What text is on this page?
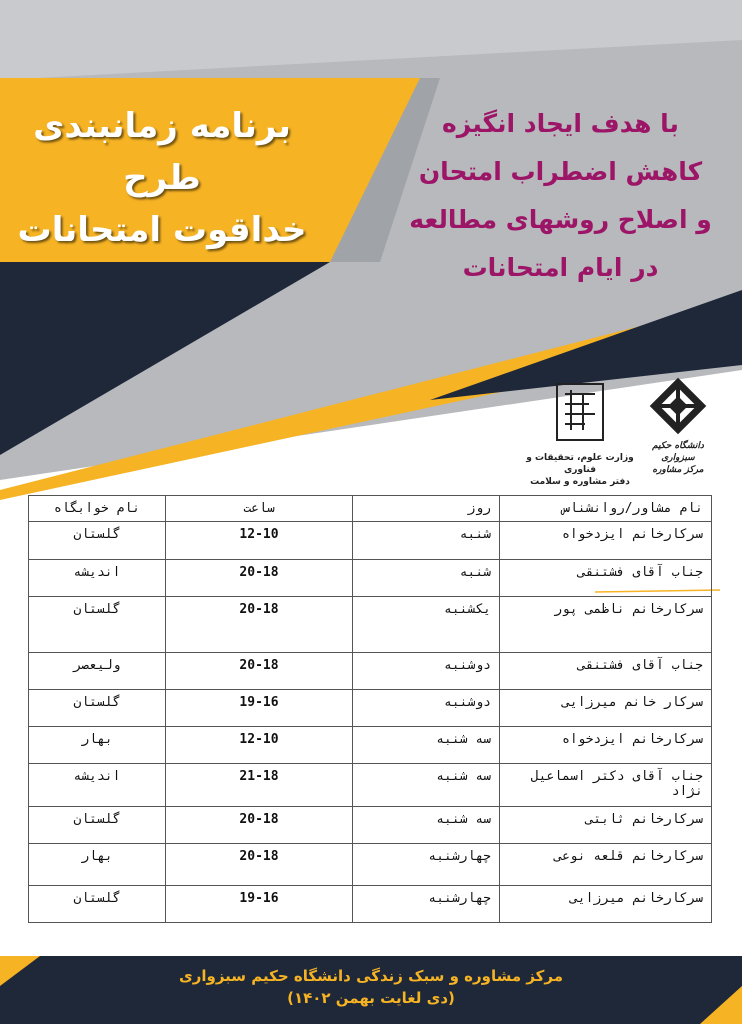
برنامه زمانبندی
طرح
خداقوت امتحانات
با هدف ایجاد انگیزه
کاهش اضطراب امتحان
و اصلاح روشهای مطالعه
در ایام امتحانات
وزارت علوم، تحقیقات و فناوری
دفتر مشاوره و سلامت
دانشگاه حکیم سبزواری
مرکز مشاوره
نام مشاور/روانشناس	روز	ساعت	نام خوابگاه
سرکارخانم ایزدخواه	شنبه	12-10	گلستان
جناب آقای فشتنقی	شنبه	20-18	اندیشه
سرکارخانم ناظمی پور	یکشنبه	20-18	گلستان
جناب آقای فشتنقی	دوشنبه	20-18	ولیعصر
سرکار خانم میرزایی	دوشنبه	19-16	گلستان
سرکارخانم ایزدخواه	سه شنبه	12-10	بهار
جناب آقای دکتر اسماعیل نژاد	سه شنبه	21-18	اندیشه
سرکارخانم ثابتی	سه شنبه	20-18	گلستان
سرکارخانم قلعه نوعی	چهارشنبه	20-18	بهار
سرکارخانم میرزایی	چهارشنبه	19-16	گلستان
مرکز مشاوره و سبک زندگی دانشگاه حکیم سبزواری
(دی لغایت بهمن ۱۴۰۲)
